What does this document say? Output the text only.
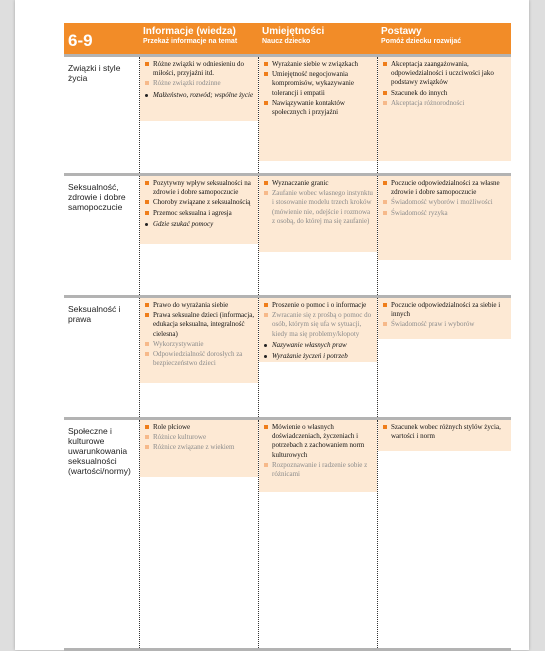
6-9	Informacje (wiedza)
Przekaż informacje na temat
Umiejętności
Naucz dziecko
Postawy
Pomóż dziecku rozwijać
Związki i style życia
Różne związki w odniesieniu do miłości, przyjaźni itd.
Różne związki rodzinne
Małżeństwo, rozwód; wspólne życie
Wyrażanie siebie w związkach
Umiejętność negocjowania kompromisów, wykazywanie tolerancji i empatii
Nawiązywanie kontaktów społecznych i przyjaźni
Akceptacja zaangażowania, odpowiedzialności i uczciwości jako podstawy związków
Szacunek do innych
Akceptacja różnorodności
Seksualność, zdrowie i dobre samopoczucie
Pozytywny wpływ seksualności na zdrowie i dobre samopoczucie
Choroby związane z seksualnością
Przemoc seksualna i agresja
Gdzie szukać pomocy
Wyznaczanie granic
Zaufanie wobec własnego instynktu i stosowanie modelu trzech kroków (mówienie nie, odejście i rozmowa z osobą, do której ma się zaufanie)
Poczucie odpowiedzialności za własne zdrowie i dobre samopoczucie
Świadomość wyborów i możliwości
Świadomość ryzyka
Seksualność i prawa
Prawo do wyrażania siebie
Prawa seksualne dzieci (informacja, edukacja seksualna, integralność cielesna)
Wykorzystywanie
Odpowiedzialność dorosłych za bezpieczeństwo dzieci
Proszenie o pomoc i o informacje
Zwracanie się z prośbą o pomoc do osób, którym się ufa w sytuacji, kiedy ma się problemy/kłopoty
Nazywanie własnych praw
Wyrażanie życzeń i potrzeb
Poczucie odpowiedzialności za siebie i innych
Świadomość praw i wyborów
Społeczne i kulturowe uwarunkowania seksualności (wartości/normy)
Role płciowe
Różnice kulturowe
Różnice związane z wiekiem
Mówienie o własnych doświadczeniach, życzeniach i potrzebach z zachowaniem norm kulturowych
Rozpoznawanie i radzenie sobie z różnicami
Szacunek wobec różnych stylów życia, wartości i norm
